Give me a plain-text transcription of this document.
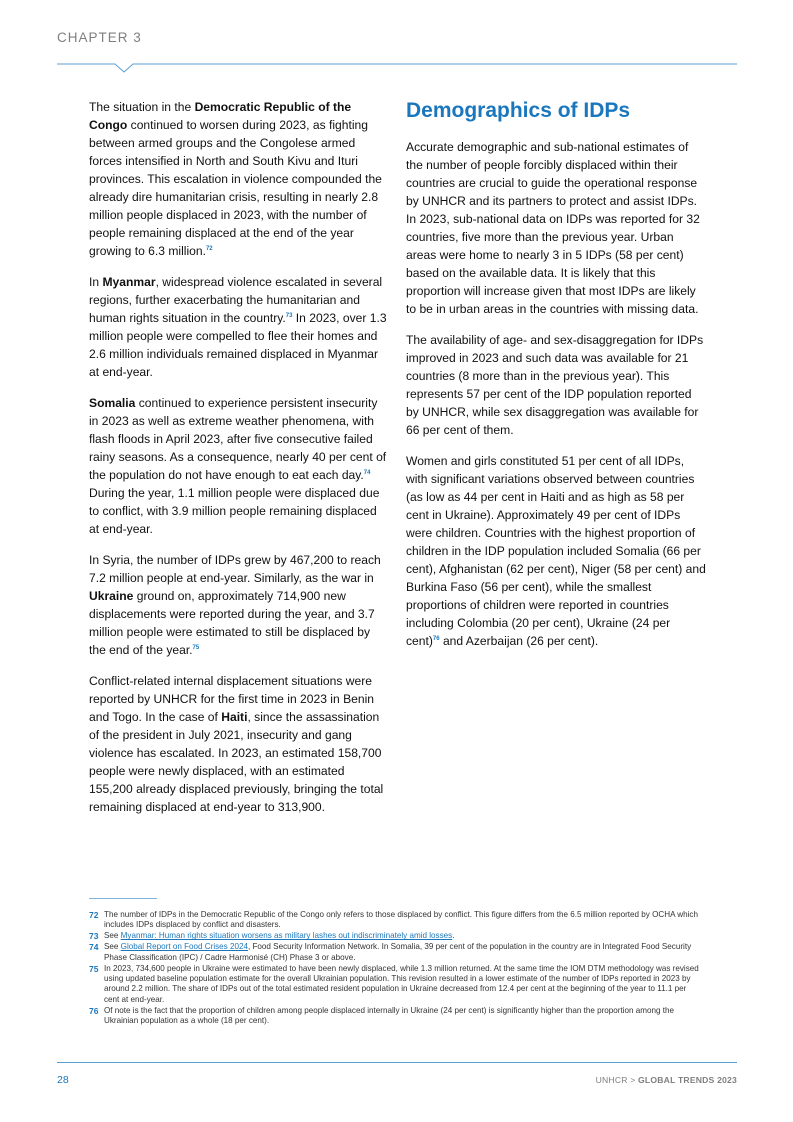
CHAPTER 3

The situation in the Democratic Republic of the Congo continued to worsen during 2023, as fighting between armed groups and the Congolese armed forces intensified in North and South Kivu and Ituri provinces. This escalation in violence compounded the already dire humanitarian crisis, resulting in nearly 2.8 million people displaced in 2023, with the number of people remaining displaced at the end of the year growing to 6.3 million.$^{72}$

In Myanmar, widespread violence escalated in several regions, further exacerbating the humanitarian and human rights situation in the country.$^{73}$ In 2023, over 1.3 million people were compelled to flee their homes and 2.6 million individuals remained displaced in Myanmar at end-year.

Somalia continued to experience persistent insecurity in 2023 as well as extreme weather phenomena, with flash floods in April 2023, after five consecutive failed rainy seasons. As a consequence, nearly 40 per cent of the population do not have enough to eat each day.$^{74}$ During the year, 1.1 million people were displaced due to conflict, with 3.9 million people remaining displaced at end-year.

In Syria, the number of IDPs grew by 467,200 to reach 7.2 million people at end-year. Similarly, as the war in Ukraine ground on, approximately 714,900 new displacements were reported during the year, and 3.7 million people were estimated to still be displaced by the end of the year.$^{75}$

Conflict-related internal displacement situations were reported by UNHCR for the first time in 2023 in Benin and Togo. In the case of Haiti, since the assassination of the president in July 2021, insecurity and gang violence has escalated. In 2023, an estimated 158,700 people were newly displaced, with an estimated 155,200 already displaced previously, bringing the total remaining displaced at end-year to 313,900.

Demographics of IDPs

Accurate demographic and sub-national estimates of the number of people forcibly displaced within their countries are crucial to guide the operational response by UNHCR and its partners to protect and assist IDPs. In 2023, sub-national data on IDPs was reported for 32 countries, five more than the previous year. Urban areas were home to nearly 3 in 5 IDPs (58 per cent) based on the available data. It is likely that this proportion will increase given that most IDPs are likely to be in urban areas in the countries with missing data.

The availability of age- and sex-disaggregation for IDPs improved in 2023 and such data was available for 21 countries (8 more than in the previous year). This represents 57 per cent of the IDP population reported by UNHCR, while sex disaggregation was available for 66 per cent of them.

Women and girls constituted 51 per cent of all IDPs, with significant variations observed between countries (as low as 44 per cent in Haiti and as high as 58 per cent in Ukraine). Approximately 49 per cent of IDPs were children. Countries with the highest proportion of children in the IDP population included Somalia (66 per cent), Afghanistan (62 per cent), Niger (58 per cent) and Burkina Faso (56 per cent), while the smallest proportions of children were reported in countries including Colombia (20 per cent), Ukraine (24 per cent)$^{76}$ and Azerbaijan (26 per cent).

72 The number of IDPs in the Democratic Republic of the Congo only refers to those displaced by conflict. This figure differs from the 6.5 million reported by OCHA which includes IDPs displaced by conflict and disasters.
73 See Myanmar: Human rights situation worsens as military lashes out indiscriminately amid losses.
74 See Global Report on Food Crises 2024, Food Security Information Network. In Somalia, 39 per cent of the population in the country are in Integrated Food Security Phase Classification (IPC) / Cadre Harmonisé (CH) Phase 3 or above.
75 In 2023, 734,600 people in Ukraine were estimated to have been newly displaced, while 1.3 million returned. At the same time the IOM DTM methodology was revised using updated baseline population estimate for the overall Ukrainian population. This revision resulted in a lower estimate of the number of IDPs reported in 2023 by around 2.2 million. The share of IDPs out of the total estimated resident population in Ukraine decreased from 12.4 per cent at the beginning of the year to 11.1 per cent at end-year.
76 Of note is the fact that the proportion of children among people displaced internally in Ukraine (24 per cent) is significantly higher than the proportion among the Ukrainian population as a whole (18 per cent).
28	UNHCR > GLOBAL TRENDS 2023
